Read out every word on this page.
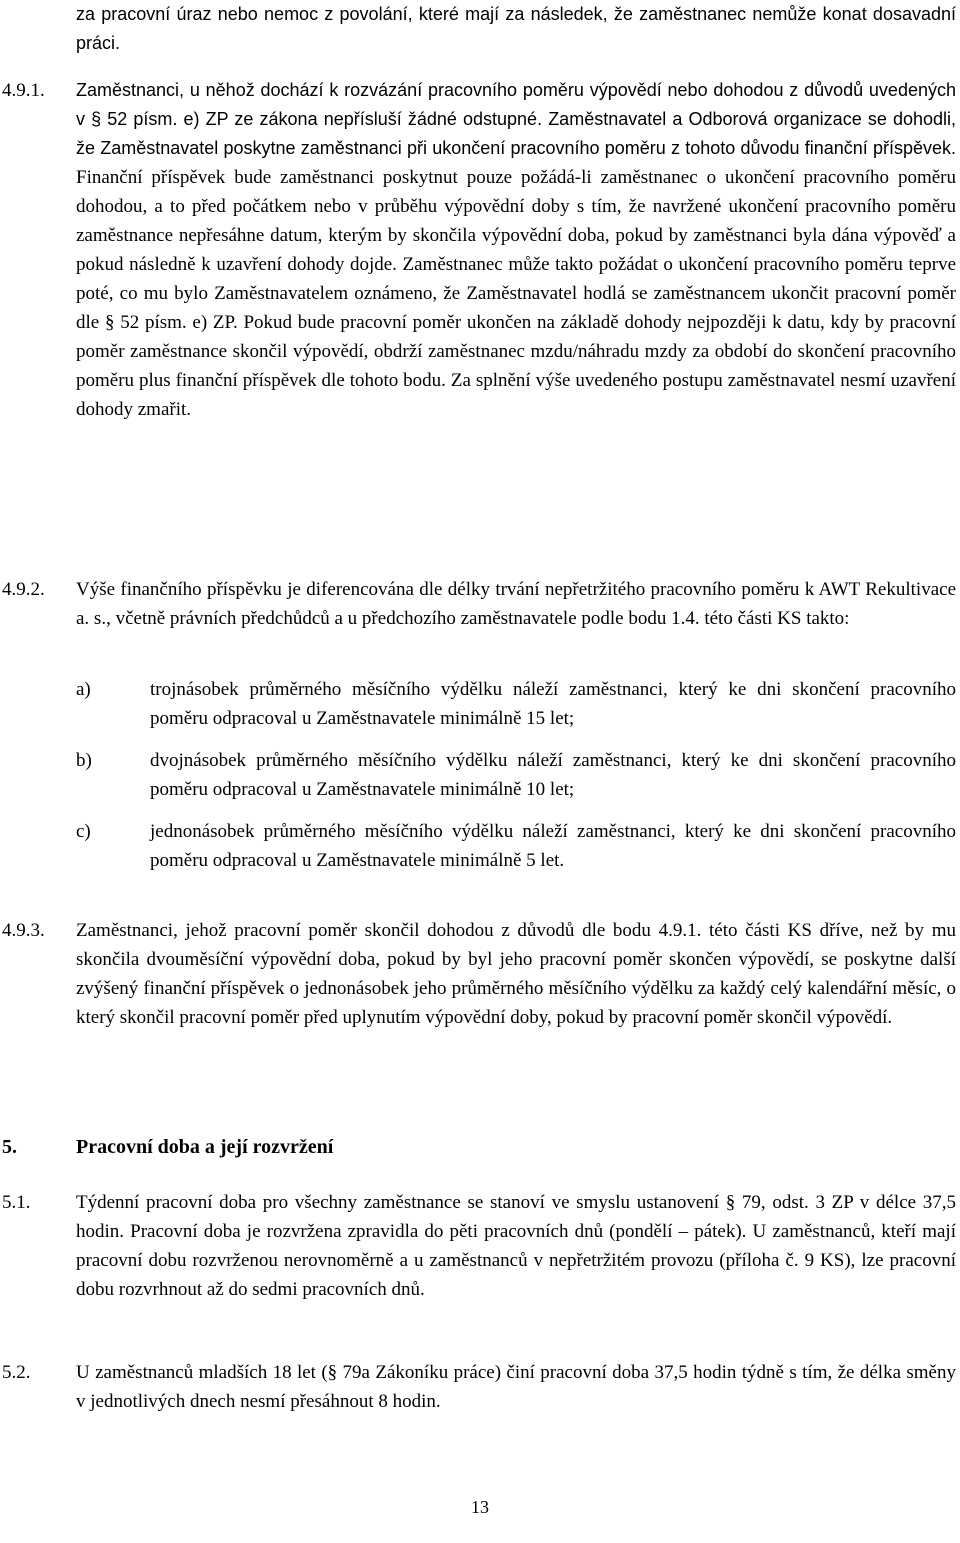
za pracovní úraz nebo nemoc z povolání, které mají za následek, že zaměstnanec nemůže konat dosavadní práci.
4.9.1. Zaměstnanci, u něhož dochází k rozvázání pracovního poměru výpovědí nebo dohodou z důvodů uvedených v § 52 písm. e) ZP ze zákona nepřísluší žádné odstupné. Zaměstnavatel a Odborová organizace se dohodli, že Zaměstnavatel poskytne zaměstnanci při ukončení pracovního poměru z tohoto důvodu finanční příspěvek. Finanční příspěvek bude zaměstnanci poskytnut pouze požádá-li zaměstnanec o ukončení pracovního poměru dohodou, a to před počátkem nebo v průběhu výpovědní doby s tím, že navržené ukončení pracovního poměru zaměstnance nepřesáhne datum, kterým by skončila výpovědní doba, pokud by zaměstnanci byla dána výpověď a pokud následně k uzavření dohody dojde. Zaměstnanec může takto požádat o ukončení pracovního poměru teprve poté, co mu bylo Zaměstnavatelem oznámeno, že Zaměstnavatel hodlá se zaměstnancem ukončit pracovní poměr dle § 52 písm. e) ZP. Pokud bude pracovní poměr ukončen na základě dohody nejpozději k datu, kdy by pracovní poměr zaměstnance skončil výpovědí, obdrží zaměstnanec mzdu/náhradu mzdy za období do skončení pracovního poměru plus finanční příspěvek dle tohoto bodu. Za splnění výše uvedeného postupu zaměstnavatel nesmí uzavření dohody zmařit.
4.9.2. Výše finančního příspěvku je diferencována dle délky trvání nepřetržitého pracovního poměru k AWT Rekultivace a. s., včetně právních předchůdců a u předchozího zaměstnavatele podle bodu 1.4. této části KS takto:
a)	trojnásobek průměrného měsíčního výdělku náleží zaměstnanci, který ke dni skončení pracovního poměru odpracoval u Zaměstnavatele minimálně 15 let;
b)	dvojnásobek průměrného měsíčního výdělku náleží zaměstnanci, který ke dni skončení pracovního poměru odpracoval u Zaměstnavatele minimálně 10 let;
c)	jednonásobek průměrného měsíčního výdělku náleží zaměstnanci, který ke dni skončení pracovního poměru odpracoval u Zaměstnavatele minimálně 5 let.
4.9.3. Zaměstnanci, jehož pracovní poměr skončil dohodou z důvodů dle bodu 4.9.1. této části KS dříve, než by mu skončila dvouměsíční výpovědní doba, pokud by byl jeho pracovní poměr skončen výpovědí, se poskytne další zvýšený finanční příspěvek o jednonásobek jeho průměrného měsíčního výdělku za každý celý kalendářní měsíc, o který skončil pracovní poměr před uplynutím výpovědní doby, pokud by pracovní poměr skončil výpovědí.
5.	Pracovní doba a její rozvržení
5.1. Týdenní pracovní doba pro všechny zaměstnance se stanoví ve smyslu ustanovení § 79, odst. 3 ZP v délce 37,5 hodin. Pracovní doba je rozvržena zpravidla do pěti pracovních dnů (pondělí – pátek). U zaměstnanců, kteří mají pracovní dobu rozvrženou nerovnoměrně a u zaměstnanců v nepřetržitém provozu (příloha č. 9 KS), lze pracovní dobu rozvrhnout až do sedmi pracovních dnů.
5.2. U zaměstnanců mladších 18 let (§ 79a Zákoníku práce) činí pracovní doba 37,5 hodin týdně s tím, že délka směny v jednotlivých dnech nesmí přesáhnout 8 hodin.
13
